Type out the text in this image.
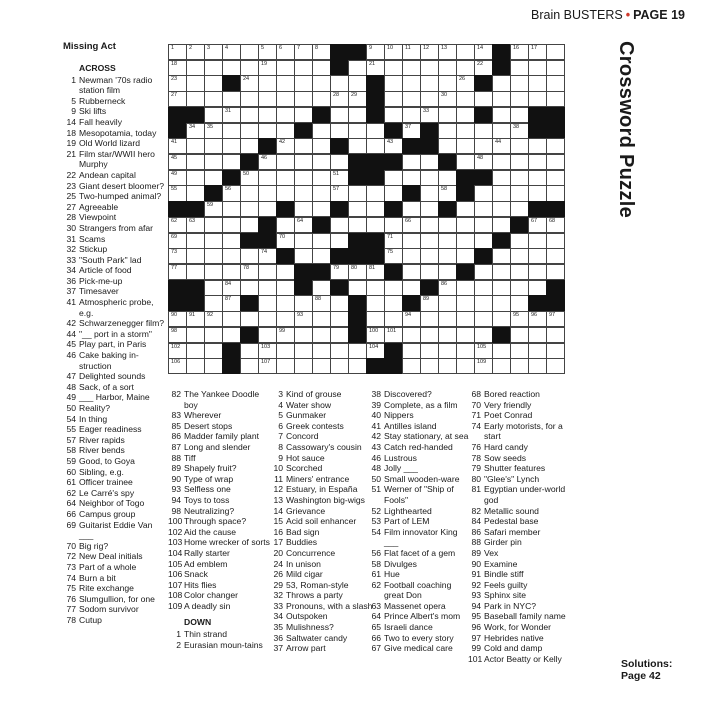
Brain BUSTERS • PAGE 19
Missing Act	Crossword Puzzle
1	2	3	4	5	6	7	8	9	10 11 12 13	14	16 17
18	19	21	22
23	24	26
27	28 29	30
31	33
34 35	37	38
41	42	43	44
45	46	48
49	50	51
55	56	57	58
59
62 63	64	66	67 68
69	70	71
73	74	75
77	78	79 80 81
84	86
87	88	89
90 91 92	93	94	95 96 97
98	99	100 101
102	103	104	105
106	107	109
ACROSS
1 Newman '70s radio station film
5 Rubberneck
9 Ski lifts
14 Fall heavily
18 Mesopotamia, today
19 Old World lizard
21 Film star/WWII hero Murphy
22 Andean capital
23 Giant desert bloomer?
25 Two-humped animal?
27 Agreeable
28 Viewpoint
30 Strangers from afar
31 Scams
32 Stickup
33 "South Park" lad
34 Article of food
36 Pick-me-up
37 Timesaver
41 Atmospheric probe, e.g.
42 Schwarzenegger film?
44 "__ port in a storm"
45 Play part, in Paris
46 Cake baking in-struction
47 Delighted sounds
48 Sack, of a sort
49 ___ Harbor, Maine
50 Reality?
54 In thing
55 Eager readiness
57 River rapids
58 River bends
59 Good, to Goya
60 Sibling, e.g.
61 Officer trainee
62 Le Carré's spy
64 Neighbor of Togo
66 Campus group
69 Guitarist Eddie Van ___
70 Big rig?
72 New Deal initials
73 Part of a whole
74 Burn a bit
75 Rite exchange
76 Slumgullion, for one
77 Sodom survivor
78 Cutup
82 The Yankee Doodle boy
83 Wherever
85 Desert stops
86 Madder family plant
87 Long and slender
88 Tiff
89 Shapely fruit?
90 Type of wrap
93 Selfless one
94 Toys to toss
98 Neutralizing?
100 Through space?
102 Aid the cause
103 Home wrecker of sorts
104 Rally starter
105 Ad emblem
106 Snack
107 Hits flies
108 Color changer
109 A deadly sin
DOWN
1 Thin strand
2 Eurasian moun-tains
3 Kind of grouse
4 Water show
5 Gunmaker
6 Greek contests
7 Concord
8 Cassowary's cousin
9 Hot sauce
10 Scorched
11 Miners' entrance
12 Estuary, in España
13 Washington big-wigs
14 Grievance
15 Acid soil enhancer
16 Bad sign
17 Buddies
20 Concurrence
24 In unison
26 Mild cigar
29 53, Roman-style
32 Throws a party
33 Pronouns, with a slash
34 Outspoken
35 Mulishness?
36 Saltwater candy
37 Arrow part
38 Discovered?
39 Complete, as a film
40 Nippers
41 Antilles island
42 Stay stationary, at sea
43 Catch red-handed
46 Lustrous
48 Jolly ___
50 Small wooden-ware
51 Werner of "Ship of Fools"
52 Lighthearted
53 Part of LEM
54 Film innovator King ___
56 Flat facet of a gem
58 Divulges
61 Hue
62 Football coaching great Don
63 Massenet opera
64 Prince Albert's mom
65 Israeli dance
66 Two to every story
67 Give medical care
68 Bored reaction
70 Very friendly
71 Poet Conrad
74 Early motorists, for a start
76 Hard candy
78 Sow seeds
79 Shutter features
80 "Glee's" Lynch
81 Egyptian under-world god
82 Metallic sound
84 Pedestal base
86 Safari member
88 Girder pin
89 Vex
90 Examine
91 Bindle stiff
92 Feels guilty
93 Sphinx site
94 Park in NYC?
95 Baseball family name
96 Work, for Wonder
97 Hebrides native
99 Cold and damp
101 Actor Beatty or Kelly	Solutions:
Page 42
